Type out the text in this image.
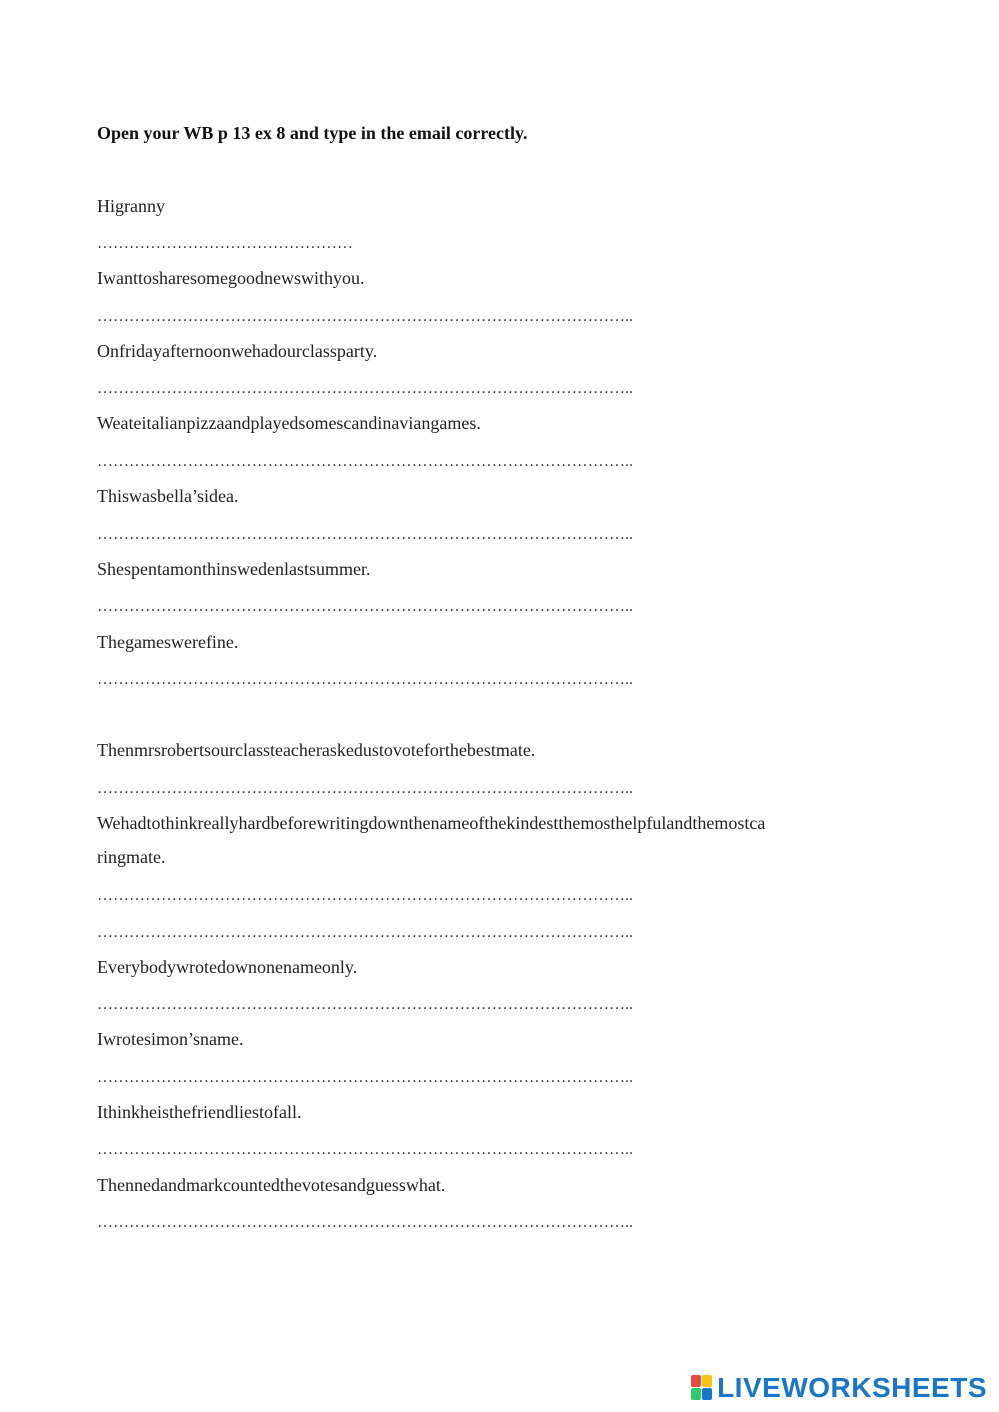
Open your WB p 13 ex 8 and type in the email correctly.
Higranny
…………………………………………
Iwanttosharesomegoodnewswithyou.
………………………………………………………………………………………..
Onfridayafternoonwehadourclassparty.
………………………………………………………………………………………..
Weateitalianpizzaandplayedsomescandinaviangames.
………………………………………………………………………………………..
Thiswasbella’sidea.
………………………………………………………………………………………..
Shespentamonthinswedenlastsummer.
………………………………………………………………………………………..
Thegameswerefine.
………………………………………………………………………………………..
Thenmrsrobertsourclassteacheraskedustovoteforthebestmate.
………………………………………………………………………………………..
Wehadtothinkreallyhardbeforewritingdownthenameofthekindestthemosthelpfulandthemostca
ringmate.
………………………………………………………………………………………..
………………………………………………………………………………………..
Everybodywrotedownonenameonly.
………………………………………………………………………………………..
Iwrotesimon’sname.
………………………………………………………………………………………..
Ithinkheisthefriendliestofall.
………………………………………………………………………………………..
Thennedandmarkcountedthevotesandguesswhat.
………………………………………………………………………………………..
LIVEWORKSHEETS
